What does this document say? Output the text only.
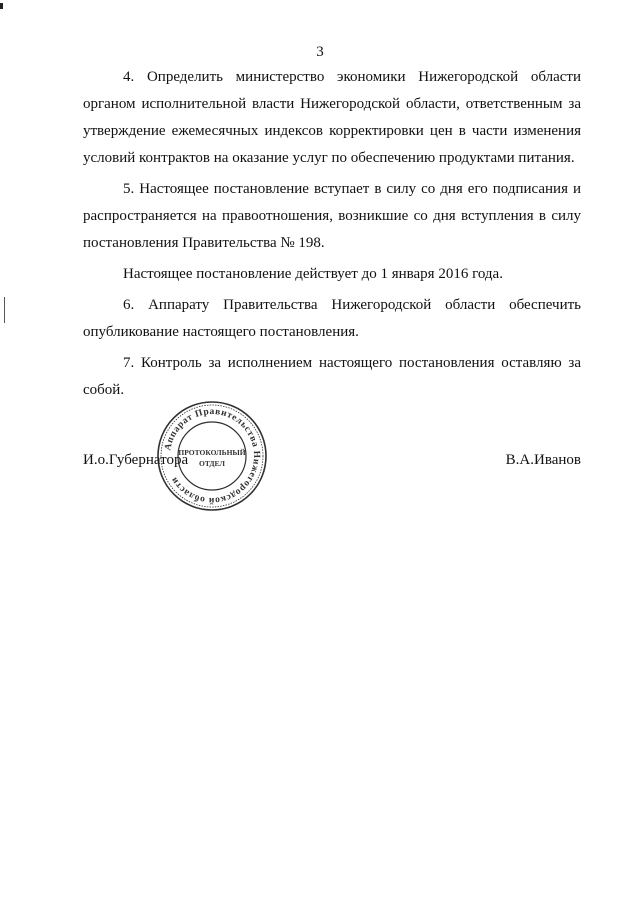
3

4. Определить министерство экономики Нижегородской области органом исполнительной власти Нижегородской области, ответственным за утверждение ежемесячных индексов корректировки цен в части изменения условий контрактов на оказание услуг по обеспечению продуктами питания.

5. Настоящее постановление вступает в силу со дня его подписания и распространяется на правоотношения, возникшие со дня вступления в силу постановления Правительства № 198.

Настоящее постановление действует до 1 января 2016 года.

6. Аппарату Правительства Нижегородской области обеспечить опубликование настоящего постановления.

7. Контроль за исполнением настоящего постановления оставляю за собой.

И.о.Губернатора	В.А.Иванов
Аппарат Правительства Нижегородской области
ПРОТОКОЛЬНЫЙ
ОТДЕЛ
